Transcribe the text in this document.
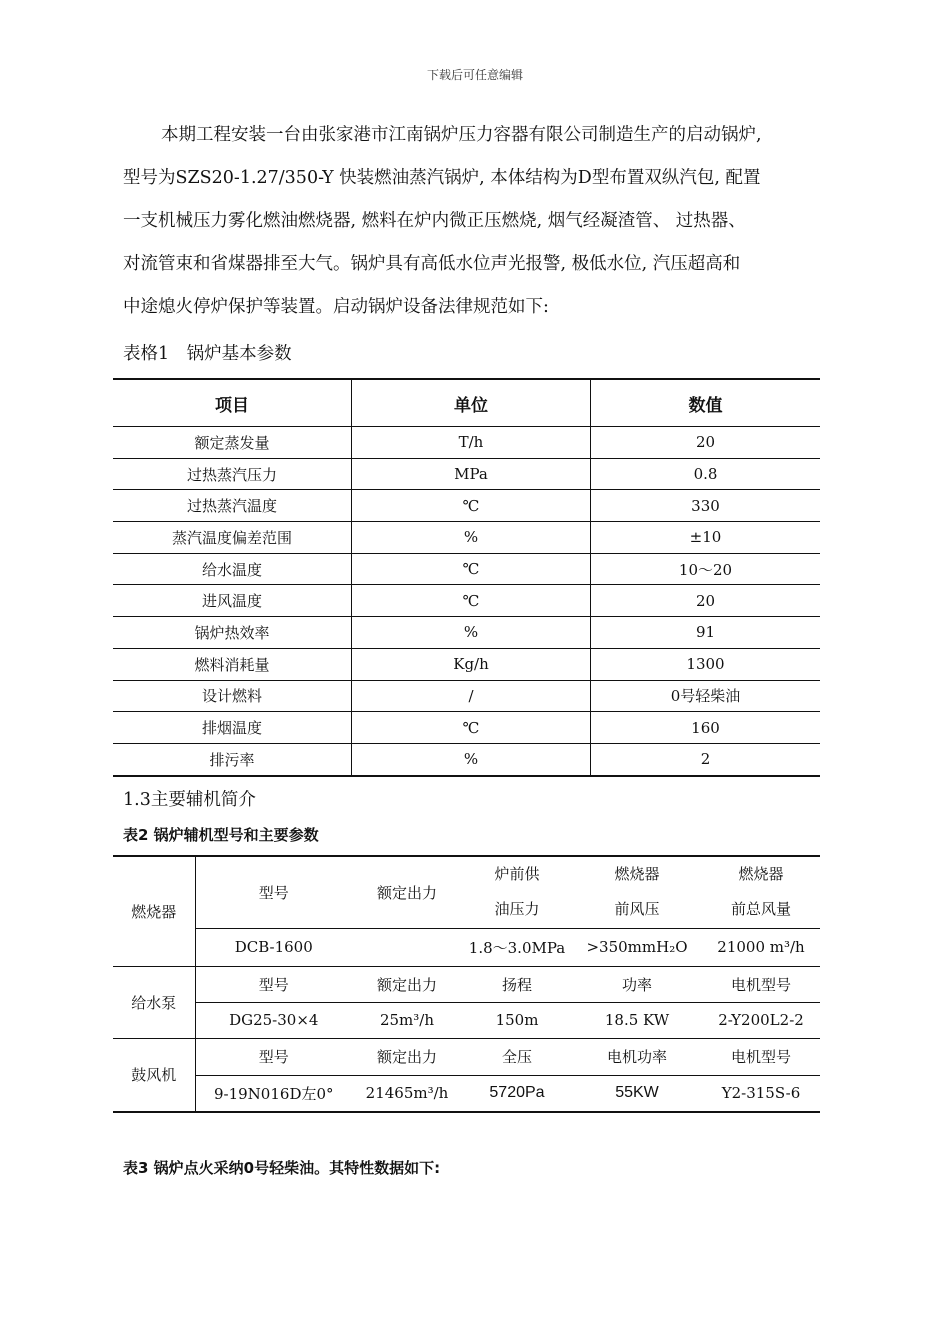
下载后可任意编辑
本期工程安装一台由张家港市江南锅炉压力容器有限公司制造生产的启动锅炉,
型号为SZS20-1.27/350-Y 快装燃油蒸汽锅炉, 本体结构为D型布置双纵汽包, 配置
一支机械压力雾化燃油燃烧器, 燃料在炉内微正压燃烧, 烟气经凝渣管、 过热器、
对流管束和省煤器排至大气。锅炉具有高低水位声光报警, 极低水位, 汽压超高和
中途熄火停炉保护等装置。启动锅炉设备法律规范如下:
表格1　锅炉基本参数
项目	单位	数值
额定蒸发量	T/h	20
过热蒸汽压力	MPa	0.8
过热蒸汽温度	℃	330
蒸汽温度偏差范围	%	±10
给水温度	℃	10～20
进风温度	℃	20
锅炉热效率	%	91
燃料消耗量	Kg/h	1300
设计燃料	/	0号轻柴油
排烟温度	℃	160
排污率	%	2
1.3主要辅机简介
表2 锅炉辅机型号和主要参数
燃烧器	型号	额定出力	炉前供	燃烧器	燃烧器
			油压力	前风压	前总风量
	DCB-1600		1.8～3.0MPa	>350mmH₂O	21000 m³/h
给水泵	型号	额定出力	扬程	功率	电机型号
	DG25-30×4	25m³/h	150m	18.5 KW	2-Y200L2-2
鼓风机	型号	额定出力	全压	电机功率	电机型号
	9-19N016D左0°	21465m³/h	5720Pa	55KW	Y2-315S-6
表3 锅炉点火采纳0号轻柴油。其特性数据如下:
